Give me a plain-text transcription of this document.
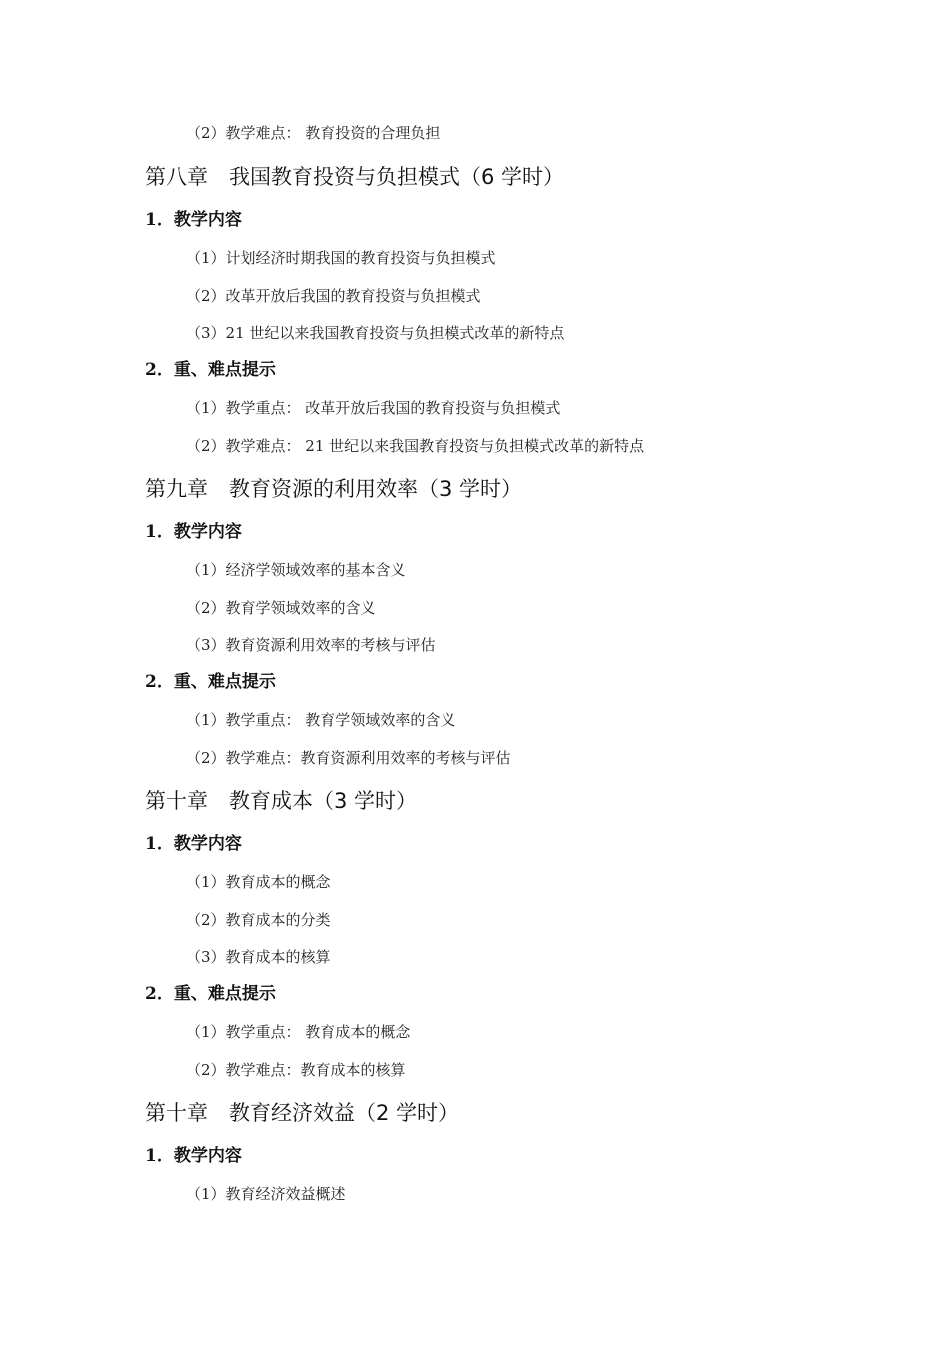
（2）教学难点： 教育投资的合理负担
第八章　我国教育投资与负担模式（6 学时）
1．教学内容
（1）计划经济时期我国的教育投资与负担模式
（2）改革开放后我国的教育投资与负担模式
（3）21 世纪以来我国教育投资与负担模式改革的新特点
2．重、难点提示
（1）教学重点： 改革开放后我国的教育投资与负担模式
（2）教学难点： 21 世纪以来我国教育投资与负担模式改革的新特点
第九章　教育资源的利用效率（3 学时）
1．教学内容
（1）经济学领域效率的基本含义
（2）教育学领域效率的含义
（3）教育资源利用效率的考核与评估
2．重、难点提示
（1）教学重点： 教育学领域效率的含义
（2）教学难点：教育资源利用效率的考核与评估
第十章　教育成本（3 学时）
1．教学内容
（1）教育成本的概念
（2）教育成本的分类
（3）教育成本的核算
2．重、难点提示
（1）教学重点： 教育成本的概念
（2）教学难点：教育成本的核算
第十章　教育经济效益（2 学时）
1．教学内容
（1）教育经济效益概述
